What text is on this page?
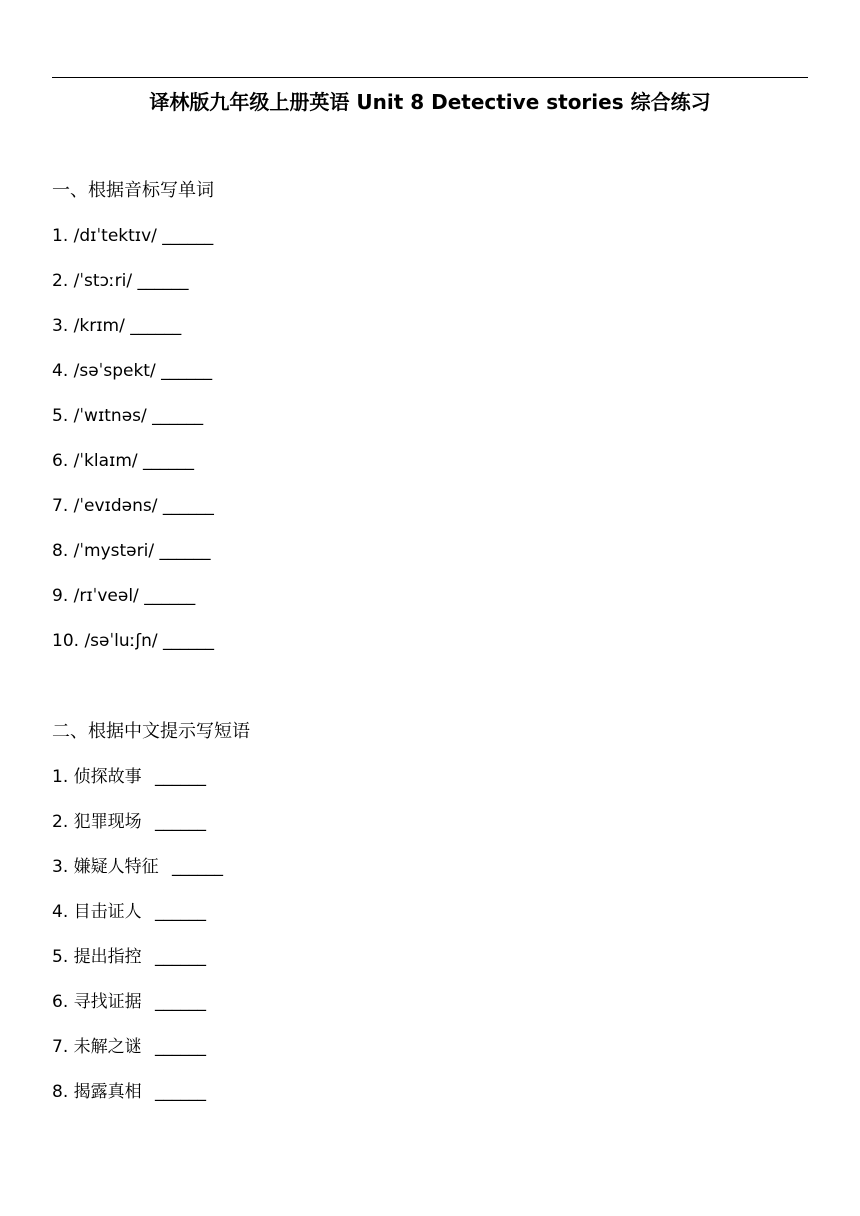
译林版九年级上册英语 Unit 8 Detective stories 综合练习
一、根据音标写单词
1. /dɪˈtektɪv/ ______
2. /ˈstɔːri/ ______
3. /krɪm/ ______
4. /səˈspekt/ ______
5. /ˈwɪtnəs/ ______
6. /ˈklaɪm/ ______
7. /ˈevɪdəns/ ______
8. /ˈmystəri/ ______
9. /rɪˈveəl/ ______
10. /səˈluːʃn/ ______
二、根据中文提示写短语
1. 侦探故事 ______
2. 犯罪现场 ______
3. 嫌疑人特征 ______
4. 目击证人 ______
5. 提出指控 ______
6. 寻找证据 ______
7. 未解之谜 ______
8. 揭露真相 ______
